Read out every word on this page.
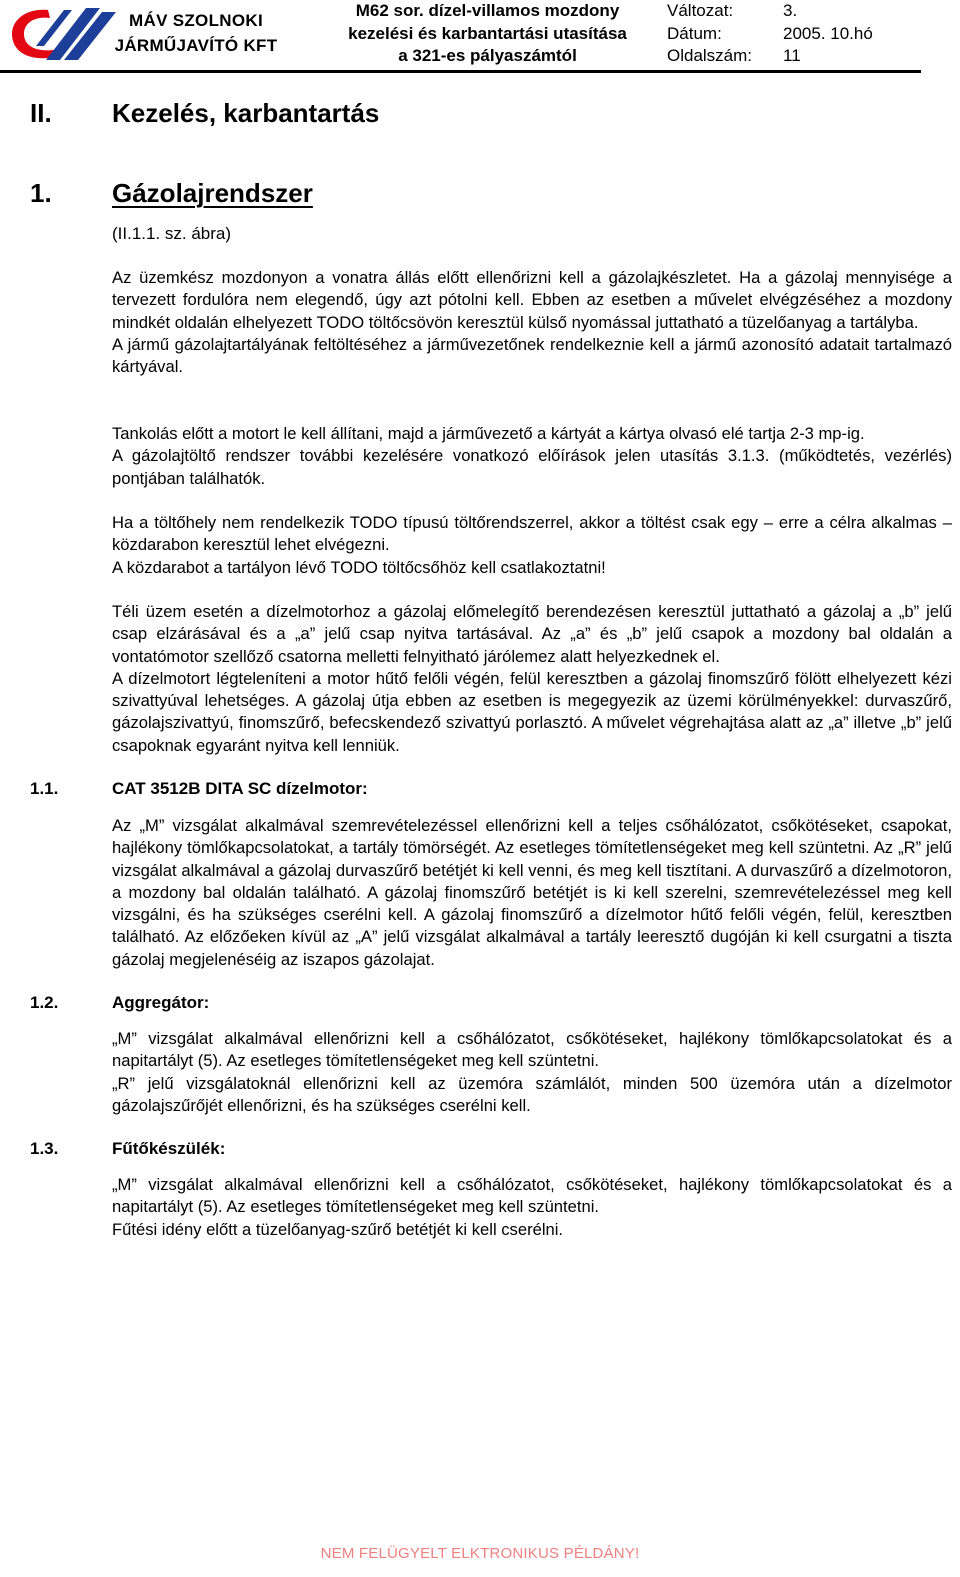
MÁV SZOLNOKI
JÁRMŰJAVÍTÓ KFT
M62 sor. dízel-villamos mozdony
kezelési és karbantartási utasítása
a 321-es pályaszámtól
Változat:
Dátum:
Oldalszám:
3.
2005. 10.hó
11
II. Kezelés, karbantartás
1. Gázolajrendszer
(II.1.1. sz. ábra)

Az üzemkész mozdonyon a vonatra állás előtt ellenőrizni kell a gázolajkészletet. Ha a gázolaj mennyisége a tervezett fordulóra nem elegendő, úgy azt pótolni kell. Ebben az esetben a művelet elvégzéséhez a mozdony mindkét oldalán elhelyezett TODO töltőcsövön keresztül külső nyomással juttatható a tüzelőanyag a tartályba.

A jármű gázolajtartályának feltöltéséhez a járművezetőnek rendelkeznie kell a jármű azonosító adatait tartalmazó kártyával.

Tankolás előtt a motort le kell állítani, majd a járművezető a kártyát a kártya olvasó elé tartja 2-3 mp-ig.

A gázolajtöltő rendszer további kezelésére vonatkozó előírások jelen utasítás 3.1.3. (működtetés, vezérlés) pontjában találhatók.

Ha a töltőhely nem rendelkezik TODO típusú töltőrendszerrel, akkor a töltést csak egy – erre a célra alkalmas – közdarabon keresztül lehet elvégezni.

A közdarabot a tartályon lévő TODO töltőcsőhöz kell csatlakoztatni!

Téli üzem esetén a dízelmotorhoz a gázolaj előmelegítő berendezésen keresztül juttatható a gázolaj a „b” jelű csap elzárásával és a „a” jelű csap nyitva tartásával. Az „a” és „b” jelű csapok a mozdony bal oldalán a vontatómotor szellőző csatorna melletti felnyitható járólemez alatt helyezkednek el.

A dízelmotort légteleníteni a motor hűtő felőli végén, felül keresztben a gázolaj finomszűrő fölött elhelyezett kézi szivattyúval lehetséges. A gázolaj útja ebben az esetben is megegyezik az üzemi körülményekkel: durvaszűrő, gázolajszivattyú, finomszűrő, befecskendező szivattyú porlasztó. A művelet végrehajtása alatt az „a” illetve „b” jelű csapoknak egyaránt nyitva kell lenniük.

1.1.	CAT 3512B DITA SC dízelmotor:

Az „M” vizsgálat alkalmával szemrevételezéssel ellenőrizni kell a teljes csőhálózatot, csőkötéseket, csapokat, hajlékony tömlőkapcsolatokat, a tartály tömörségét. Az esetleges tömítetlenségeket meg kell szüntetni. Az „R” jelű vizsgálat alkalmával a gázolaj durvaszűrő betétjét ki kell venni, és meg kell tisztítani. A durvaszűrő a dízelmotoron, a mozdony bal oldalán található. A gázolaj finomszűrő betétjét is ki kell szerelni, szemrevételezéssel meg kell vizsgálni, és ha szükséges cserélni kell. A gázolaj finomszűrő a dízelmotor hűtő felőli végén, felül, keresztben található. Az előzőeken kívül az „A” jelű vizsgálat alkalmával a tartály leeresztő dugóján ki kell csurgatni a tiszta gázolaj megjelenéséig az iszapos gázolajat.

1.2.	Aggregátor:

„M” vizsgálat alkalmával ellenőrizni kell a csőhálózatot, csőkötéseket, hajlékony tömlőkapcsolatokat és a napitartályt (5). Az esetleges tömítetlenségeket meg kell szüntetni.

„R” jelű vizsgálatoknál ellenőrizni kell az üzemóra számlálót, minden 500 üzemóra után a dízelmotor gázolajszűrőjét ellenőrizni, és ha szükséges cserélni kell.

1.3.	Fűtőkészülék:

„M” vizsgálat alkalmával ellenőrizni kell a csőhálózatot, csőkötéseket, hajlékony tömlőkapcsolatokat és a napitartályt (5). Az esetleges tömítetlenségeket meg kell szüntetni.

Fűtési idény előtt a tüzelőanyag-szűrő betétjét ki kell cserélni.

NEM FELÜGYELT ELKTRONIKUS PÉLDÁNY!
